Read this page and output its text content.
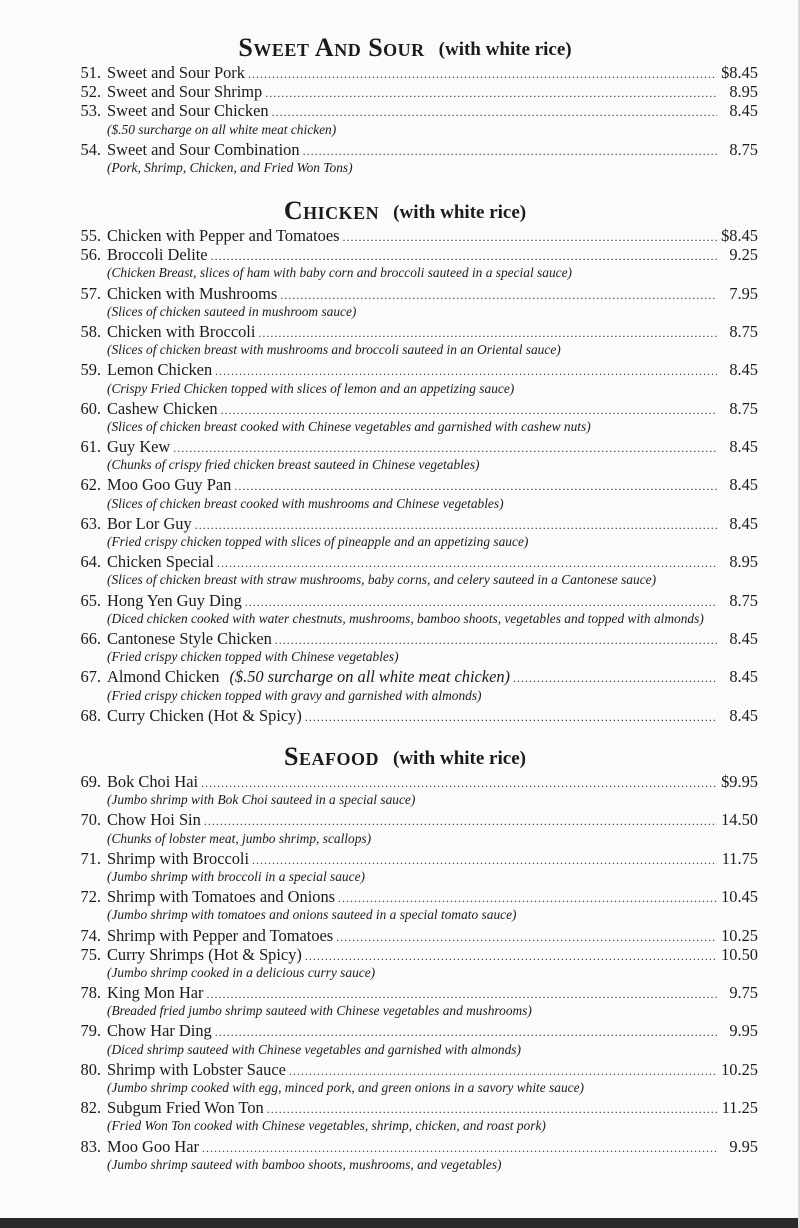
Sweet And Sour (with white rice)
51. Sweet and Sour Pork .....	$8.45
52. Sweet and Sour Shrimp .....	8.95
53. Sweet and Sour Chicken .....	8.45
($.50 surcharge on all white meat chicken)
54. Sweet and Sour Combination .....	8.75
(Pork, Shrimp, Chicken, and Fried Won Tons)
Chicken (with white rice)
55. Chicken with Pepper and Tomatoes .....	$8.45
56. Broccoli Delite .....	9.25
(Chicken Breast, slices of ham with baby corn and broccoli sauteed in a special sauce)
57. Chicken with Mushrooms .....	7.95
(Slices of chicken sauteed in mushroom sauce)
58. Chicken with Broccoli .....	8.75
(Slices of chicken breast with mushrooms and broccoli sauteed in an Oriental sauce)
59. Lemon Chicken .....	8.45
(Crispy Fried Chicken topped with slices of lemon and an appetizing sauce)
60. Cashew Chicken .....	8.75
(Slices of chicken breast cooked with Chinese vegetables and garnished with cashew nuts)
61. Guy Kew .....	8.45
(Chunks of crispy fried chicken breast sauteed in Chinese vegetables)
62. Moo Goo Guy Pan .....	8.45
(Slices of chicken breast cooked with mushrooms and Chinese vegetables)
63. Bor Lor Guy .....	8.45
(Fried crispy chicken topped with slices of pineapple and an appetizing sauce)
64. Chicken Special .....	8.95
(Slices of chicken breast with straw mushrooms, baby corns, and celery sauteed in a Cantonese sauce)
65. Hong Yen Guy Ding .....	8.75
(Diced chicken cooked with water chestnuts, mushrooms, bamboo shoots, vegetables and topped with almonds)
66. Cantonese Style Chicken .....	8.45
(Fried crispy chicken topped with Chinese vegetables)
67. Almond Chicken ($.50 surcharge on all white meat chicken) .....	8.45
(Fried crispy chicken topped with gravy and garnished with almonds)
68. Curry Chicken (Hot & Spicy) .....	8.45
Seafood (with white rice)
69. Bok Choi Hai .....	$9.95
(Jumbo shrimp with Bok Choi sauteed in a special sauce)
70. Chow Hoi Sin .....	14.50
(Chunks of lobster meat, jumbo shrimp, scallops)
71. Shrimp with Broccoli .....	11.75
(Jumbo shrimp with broccoli in a special sauce)
72. Shrimp with Tomatoes and Onions .....	10.45
(Jumbo shrimp with tomatoes and onions sauteed in a special tomato sauce)
74. Shrimp with Pepper and Tomatoes .....	10.25
75. Curry Shrimps (Hot & Spicy) .....	10.50
(Jumbo shrimp cooked in a delicious curry sauce)
78. King Mon Har .....	9.75
(Breaded fried jumbo shrimp sauteed with Chinese vegetables and mushrooms)
79. Chow Har Ding .....	9.95
(Diced shrimp sauteed with Chinese vegetables and garnished with almonds)
80. Shrimp with Lobster Sauce .....	10.25
(Jumbo shrimp cooked with egg, minced pork, and green onions in a savory white sauce)
82. Subgum Fried Won Ton .....	11.25
(Fried Won Ton cooked with Chinese vegetables, shrimp, chicken, and roast pork)
83. Moo Goo Har .....	9.95
(Jumbo shrimp sauteed with bamboo shoots, mushrooms, and vegetables)
